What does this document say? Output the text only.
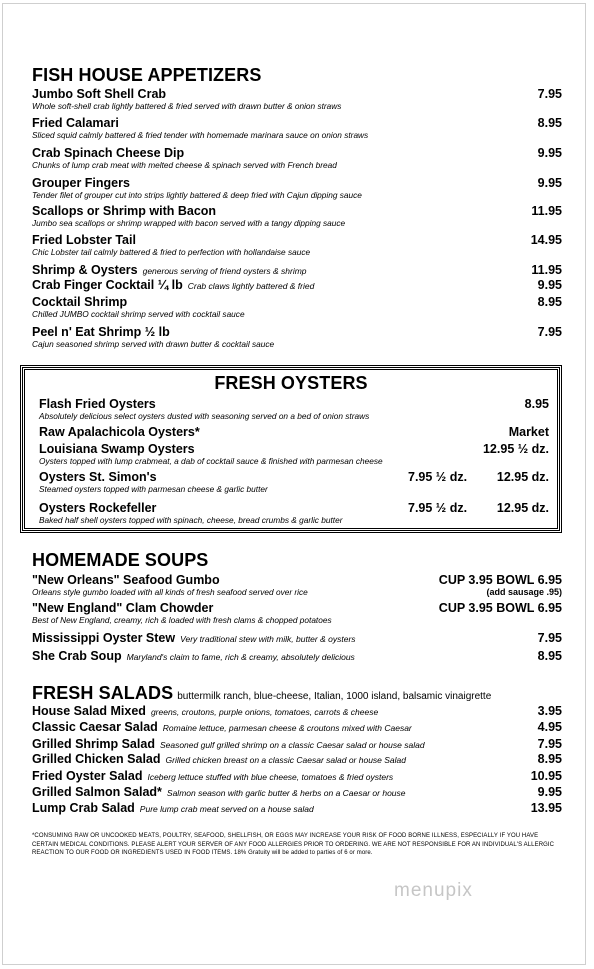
FISH HOUSE APPETIZERS
Jumbo Soft Shell Crab	7.95
Whole soft-shell crab lightly battered & fried served with drawn butter & onion straws
Fried Calamari	8.95
Sliced squid calmly battered & fried tender with homemade marinara sauce on onion straws
Crab Spinach Cheese Dip	9.95
Chunks of lump crab meat with melted cheese & spinach served with French bread
Grouper Fingers	9.95
Tender filet of grouper cut into strips lightly battered & deep fried with Cajun dipping sauce
Scallops or Shrimp with Bacon	11.95
Jumbo sea scallops or shrimp wrapped with bacon served with a tangy dipping sauce
Fried Lobster Tail	14.95
Chic Lobster tail calmly battered & fried to perfection with hollandaise sauce
Shrimp & Oysters generous serving of friend oysters & shrimp	11.95
Crab Finger Cocktail ¼ lb Crab claws lightly battered & fried	9.95
Cocktail Shrimp	8.95
Chilled JUMBO cocktail shrimp served with cocktail sauce
Peel n' Eat Shrimp ½ lb	7.95
Cajun seasoned shrimp served with drawn butter & cocktail sauce
FRESH OYSTERS
Flash Fried Oysters	8.95
Absolutely delicious select oysters dusted with seasoning served on a bed of onion straws
Raw Apalachicola Oysters*	Market
Louisiana Swamp Oysters	12.95 ½ dz.
Oysters topped with lump crabmeat, a dab of cocktail sauce & finished with parmesan cheese
Oysters St. Simon's	7.95 ½ dz. 12.95 dz.
Steamed oysters topped with parmesan cheese & garlic butter
Oysters Rockefeller	7.95 ½ dz. 12.95 dz.
Baked half shell oysters topped with spinach, cheese, bread crumbs & garlic butter
HOMEMADE SOUPS
"New Orleans" Seafood Gumbo	CUP 3.95 BOWL 6.95
Orleans style gumbo loaded with all kinds of fresh seafood served over rice	(add sausage .95)
"New England" Clam Chowder	CUP 3.95 BOWL 6.95
Best of New England, creamy, rich & loaded with fresh clams & chopped potatoes
Mississippi Oyster Stew Very traditional stew with milk, butter & oysters	7.95
She Crab Soup Maryland's claim to fame, rich & creamy, absolutely delicious	8.95
FRESH SALADS buttermilk ranch, blue-cheese, Italian, 1000 island, balsamic vinaigrette
House Salad Mixed greens, croutons, purple onions, tomatoes, carrots & cheese	3.95
Classic Caesar Salad Romaine lettuce, parmesan cheese & croutons mixed with Caesar	4.95
Grilled Shrimp Salad Seasoned gulf grilled shrimp on a classic Caesar salad or house salad	7.95
Grilled Chicken Salad Grilled chicken breast on a classic Caesar salad or house Salad	8.95
Fried Oyster Salad Iceberg lettuce stuffed with blue cheese, tomatoes & fried oysters	10.95
Grilled Salmon Salad* Salmon season with garlic butter & herbs on a Caesar or house	9.95
Lump Crab Salad Pure lump crab meat served on a house salad	13.95
*CONSUMING RAW OR UNCOOKED MEATS, POULTRY, SEAFOOD, SHELLFISH, OR EGGS MAY INCREASE YOUR RISK OF FOOD BORNE ILLNESS, ESPECIALLY IF YOU HAVE CERTAIN MEDICAL CONDITIONS. PLEASE ALERT YOUR SERVER OF ANY FOOD ALLERGIES PRIOR TO ORDERING. WE ARE NOT RESPONSIBLE FOR AN INDIVIDUAL'S ALLERGIC REACTION TO OUR FOOD OR INGREDIENTS USED IN FOOD ITEMS. 18% Gratuity will be added to parties of 6 or more.
menupix
